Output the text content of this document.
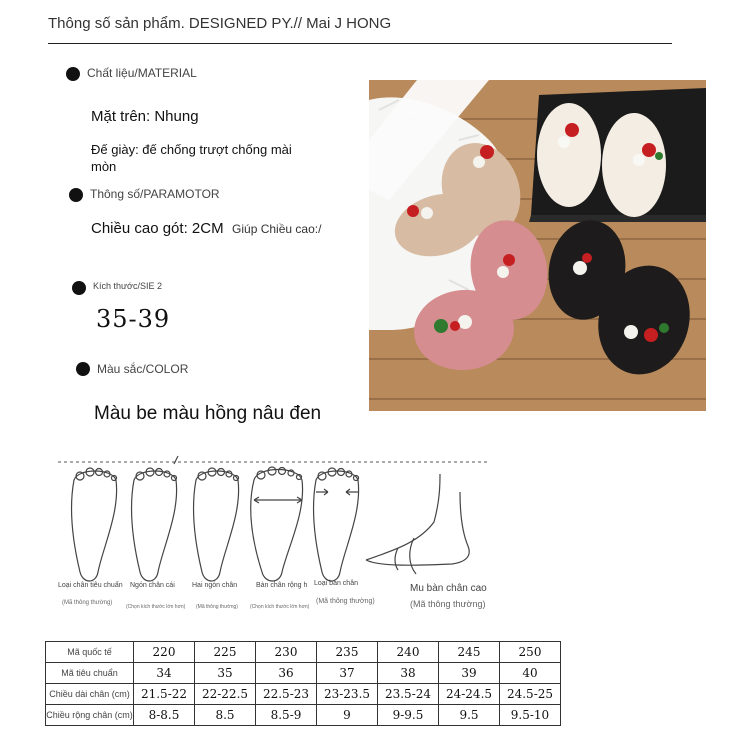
Thông số sản phẩm. DESIGNED PY.// Mai J HONG
Chất liệu/MATERIAL
Mặt trên: Nhung
Đế giày: đế chống trượt chống mài mòn
Thông số/PARAMOTOR
Chiều cao gót: 2CM Giúp Chiều cao:/
Kích thước/SIE 2
35-39
Màu sắc/COLOR
Màu be màu hồng nâu đen
Loại chân tiêu chuẩn
(Mã thông thường)
Ngón chân cái
(Chọn kích thước lớn hơn)
Hai ngón chân
(Mã thông thường)
Bàn chân rộng h
(Chọn kích thước lớn hơn)
Loại bàn chân
(Mã thông thường)
Mu bàn chân cao
(Mã thông thường)
Mã quốc tế	220	225	230	235	240	245	250
Mã tiêu chuẩn	34	35	36	37	38	39	40
Chiều dài chân (cm)	21.5-22	22-22.5	22.5-23	23-23.5	23.5-24	24-24.5	24.5-25
Chiều rộng chân (cm)	8-8.5	8.5	8.5-9	9	9-9.5	9.5	9.5-10
